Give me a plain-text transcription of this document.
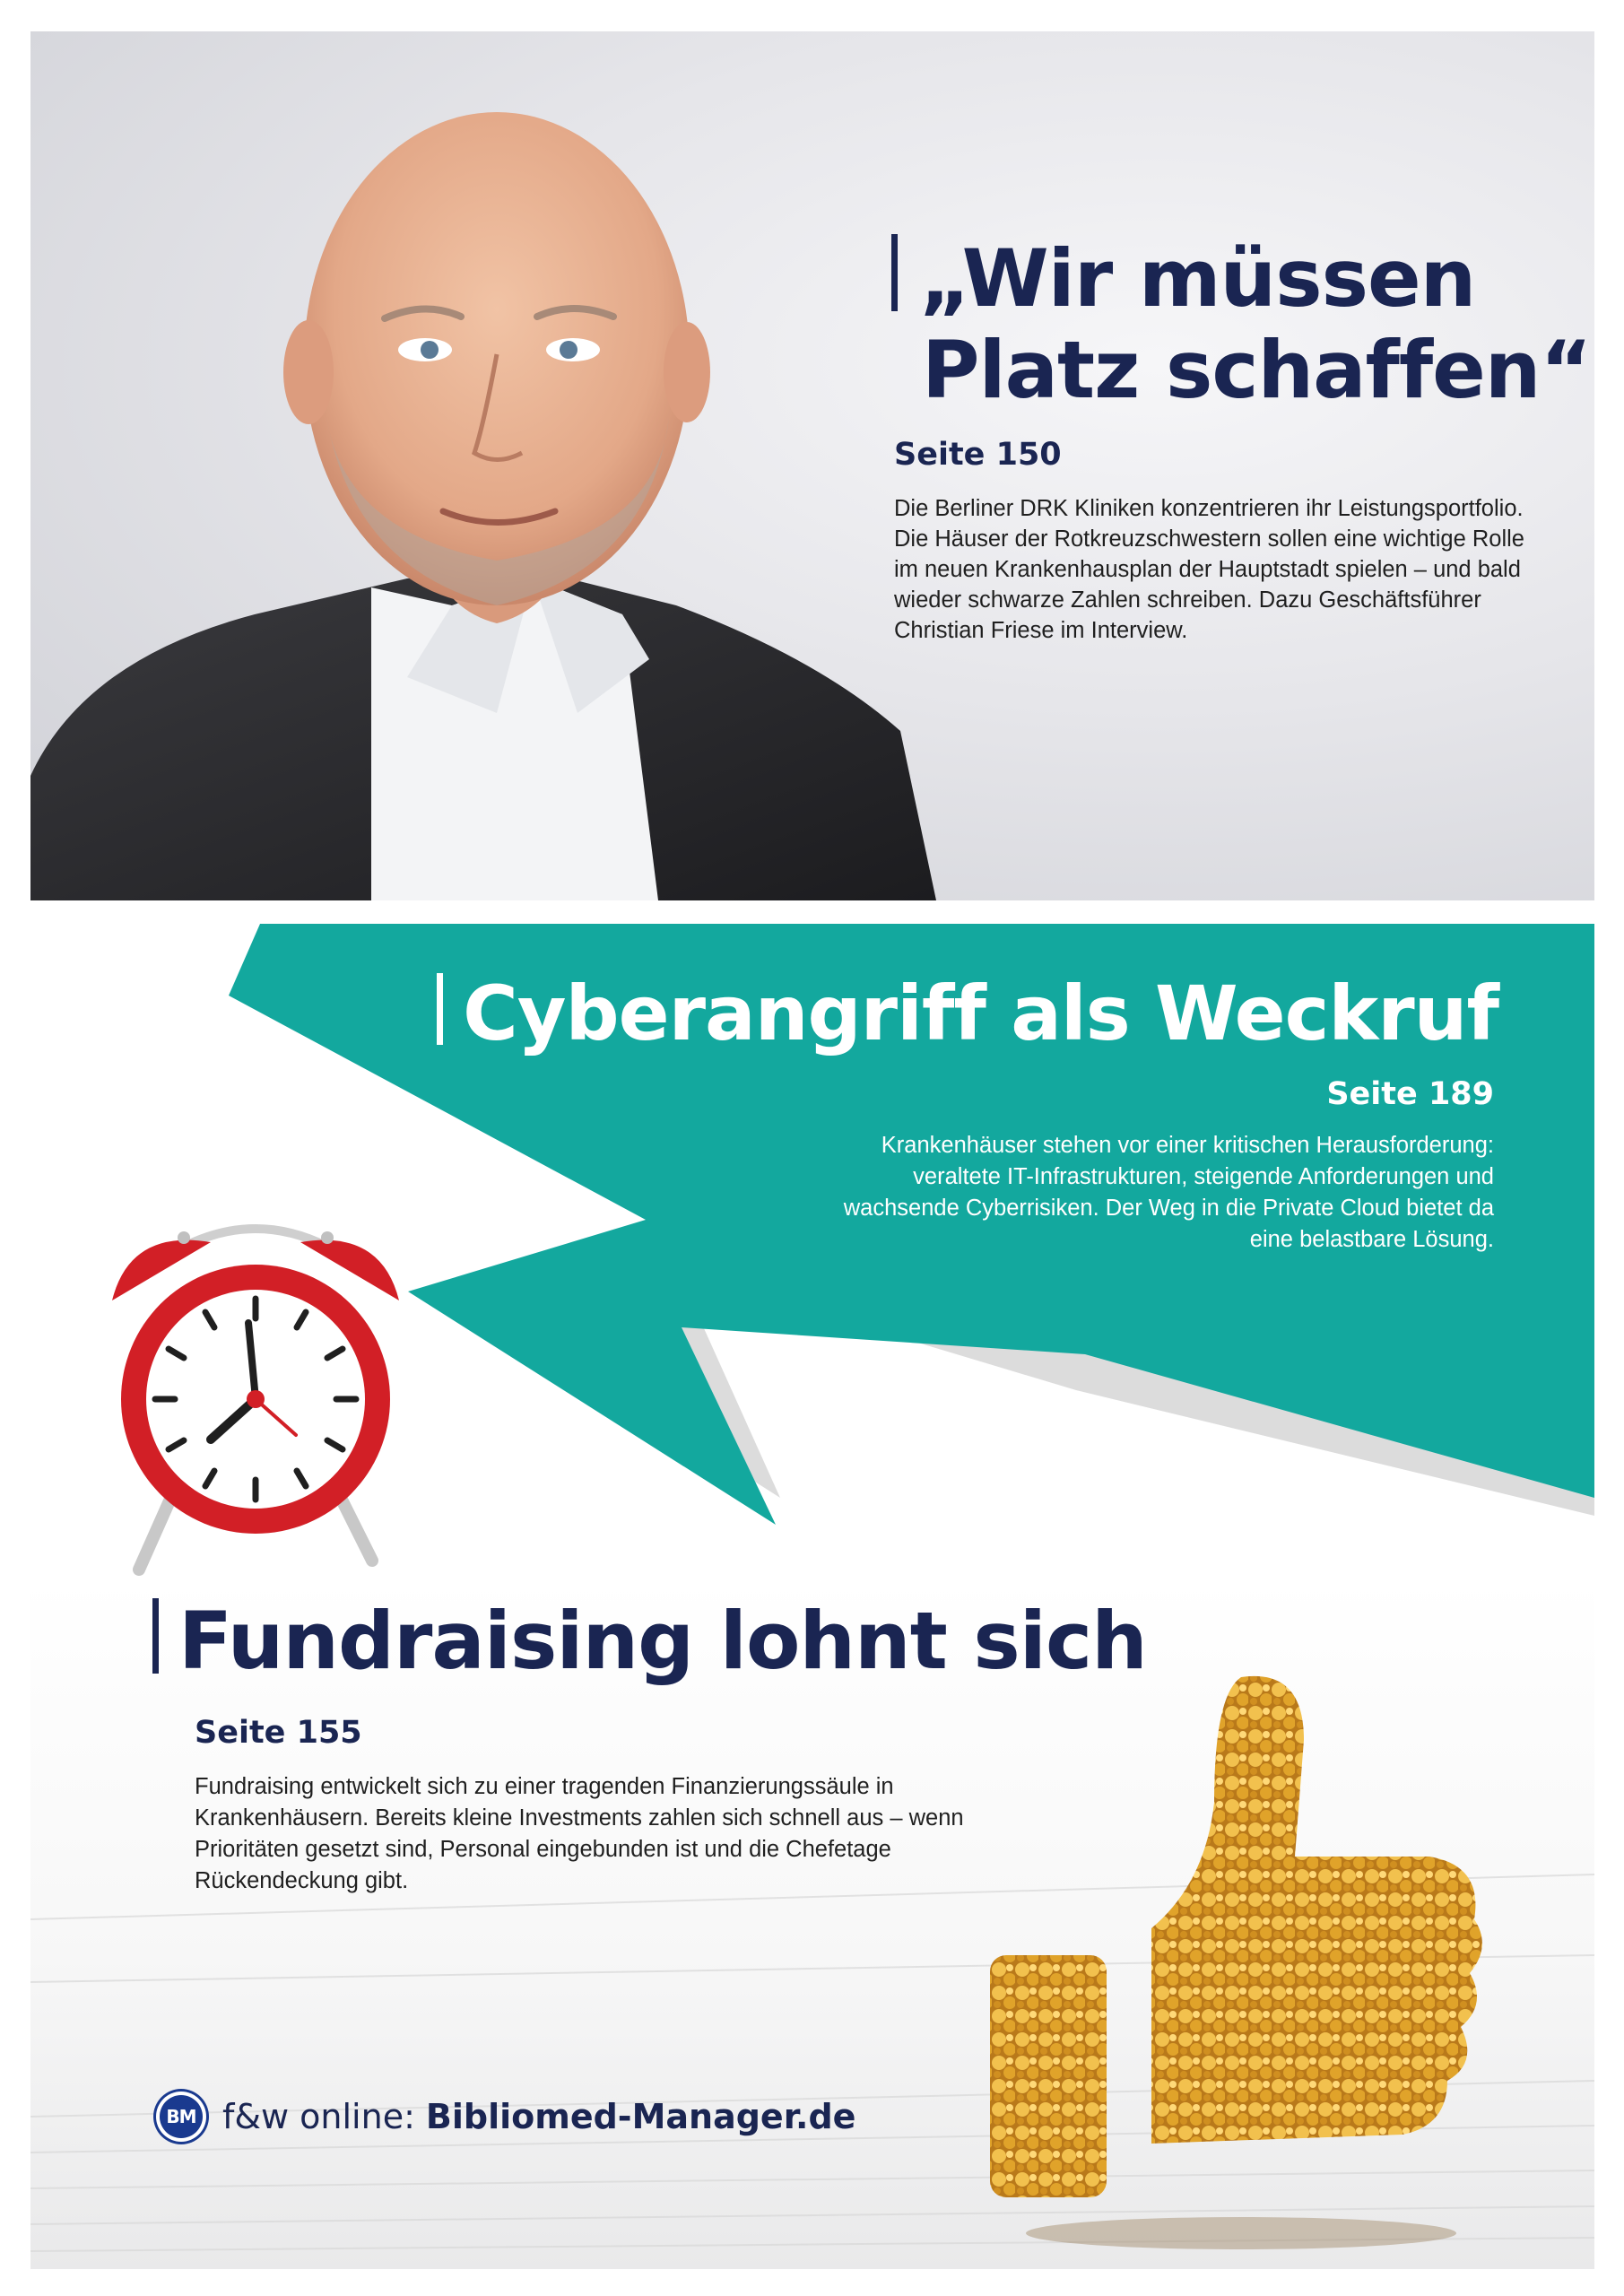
„Wir müssen
Platz schaffen“
Seite 150

Die Berliner DRK Kliniken konzentrieren ihr Leistungsportfolio. Die Häuser der Rotkreuzschwestern sollen eine wichtige Rolle im neuen Krankenhausplan der Hauptstadt spielen – und bald wieder schwarze Zahlen schreiben. Dazu Geschäftsführer Christian Friese im Interview.

Cyberangriff als Weckruf
Seite 189

Krankenhäuser stehen vor einer kritischen Herausforderung: veraltete IT-Infrastrukturen, steigende Anforderungen und wachsende Cyberrisiken. Der Weg in die Private Cloud bietet da eine belastbare Lösung.

Fundraising lohnt sich
Seite 155

Fundraising entwickelt sich zu einer tragenden Finanzierungssäule in Krankenhäusern. Bereits kleine Investments zahlen sich schnell aus – wenn Prioritäten gesetzt sind, Personal eingebunden ist und die Chefetage Rückendeckung gibt.

BM f&w online: Bibliomed-Manager.de
